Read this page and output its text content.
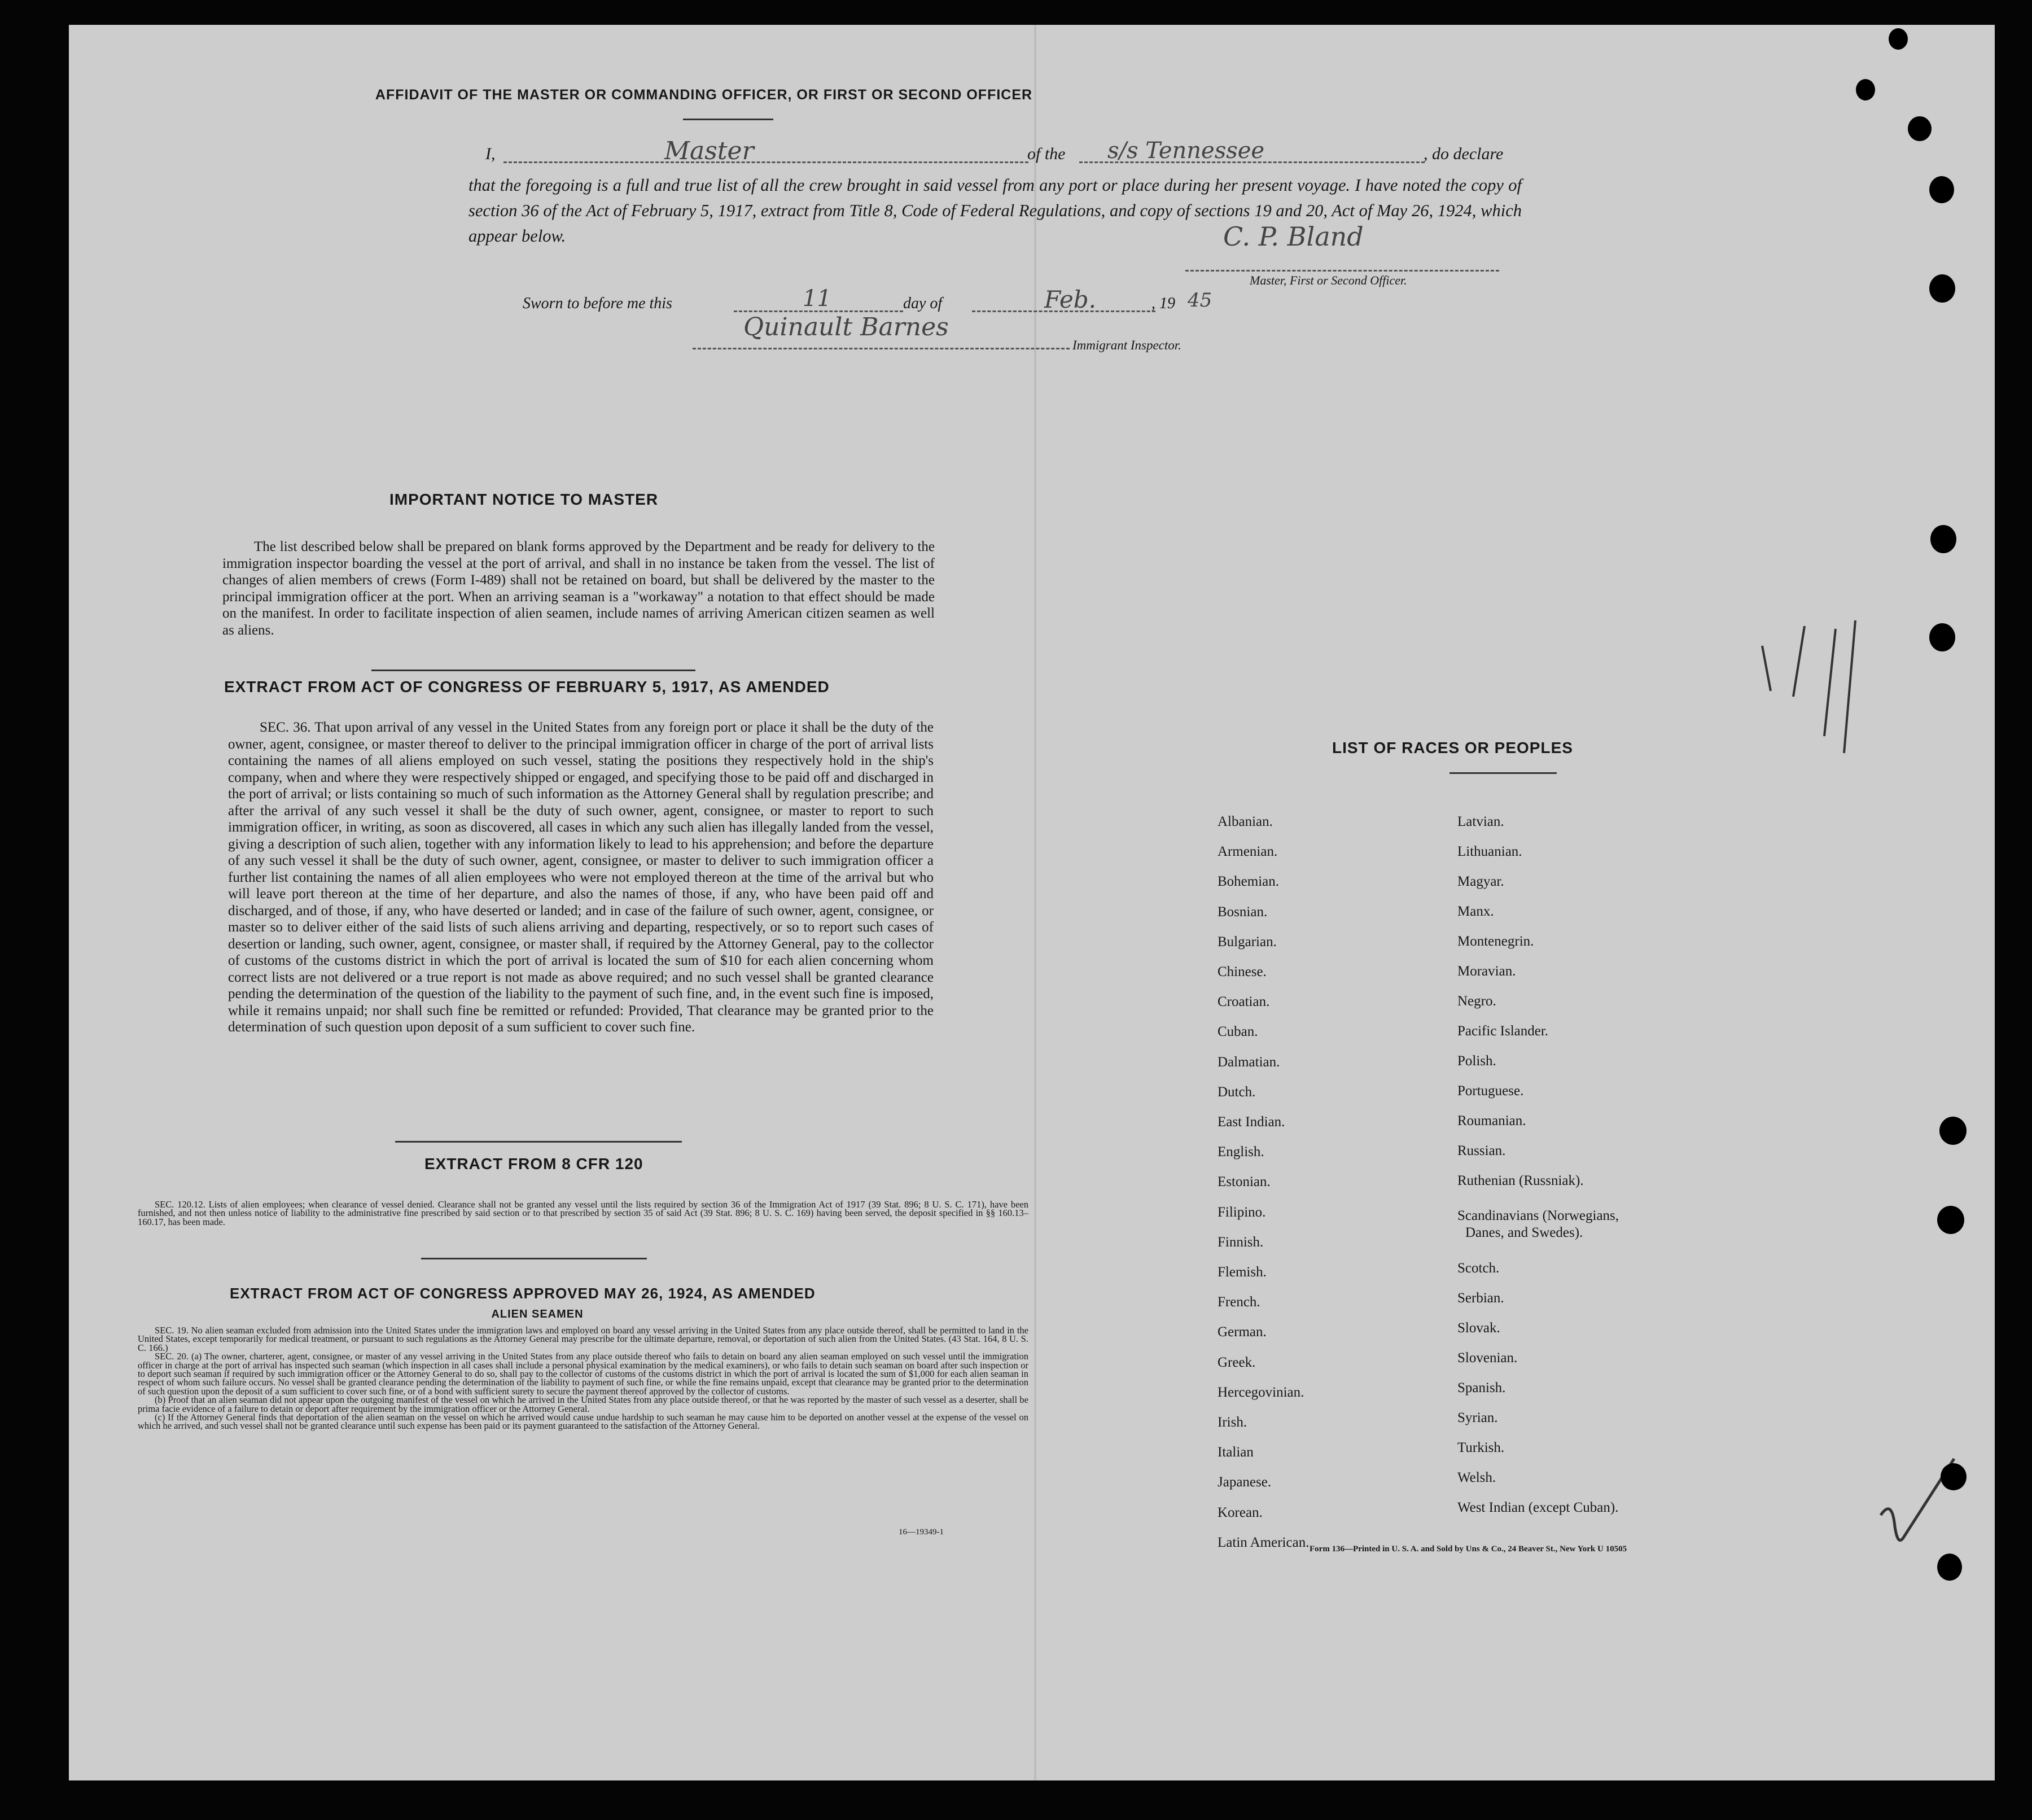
AFFIDAVIT OF THE MASTER OR COMMANDING OFFICER, OR FIRST OR SECOND OFFICER
I,	Master	of the s/s Tennessee	, do declare
that the foregoing is a full and true list of all the crew brought in said vessel from any port or place during her present voyage. I have noted the copy of section 36 of the Act of February 5, 1917, extract from Title 8, Code of Federal Regulations, and copy of sections 19 and 20, Act of May 26, 1924, which appear below.	C. P. Bland
Master, First or Second Officer.
Sworn to before me this	11	day of	Feb.	, 19 45
Quinault Barnes
Immigrant Inspector.
IMPORTANT NOTICE TO MASTER
The list described below shall be prepared on blank forms approved by the Department and be ready for delivery to the immigration inspector boarding the vessel at the port of arrival, and shall in no instance be taken from the vessel. The list of changes of alien members of crews (Form I-489) shall not be retained on board, but shall be delivered by the master to the principal immigration officer at the port. When an arriving seaman is a "workaway" a notation to that effect should be made on the manifest. In order to facilitate inspection of alien seamen, include names of arriving American citizen seamen as well as aliens.
EXTRACT FROM ACT OF CONGRESS OF FEBRUARY 5, 1917, AS AMENDED
SEC. 36. That upon arrival of any vessel in the United States from any foreign port or place it shall be the duty of the owner, agent, consignee, or master thereof to deliver to the principal immigration officer in charge of the port of arrival lists containing the names of all aliens employed on such vessel, stating the positions they respectively hold in the ship's company, when and where they were respectively shipped or engaged, and specifying those to be paid off and discharged in the port of arrival; or lists containing so much of such information as the Attorney General shall by regulation prescribe; and after the arrival of any such vessel it shall be the duty of such owner, agent, consignee, or master to report to such immigration officer, in writing, as soon as discovered, all cases in which any such alien has illegally landed from the vessel, giving a description of such alien, together with any information likely to lead to his apprehension; and before the departure of any such vessel it shall be the duty of such owner, agent, consignee, or master to deliver to such immigration officer a further list containing the names of all alien employees who were not employed thereon at the time of the arrival but who will leave port thereon at the time of her departure, and also the names of those, if any, who have been paid off and discharged, and of those, if any, who have deserted or landed; and in case of the failure of such owner, agent, consignee, or master so to deliver either of the said lists of such aliens arriving and departing, respectively, or so to report such cases of desertion or landing, such owner, agent, consignee, or master shall, if required by the Attorney General, pay to the collector of customs of the customs district in which the port of arrival is located the sum of $10 for each alien concerning whom correct lists are not delivered or a true report is not made as above required; and no such vessel shall be granted clearance pending the determination of the question of the liability to the payment of such fine, and, in the event such fine is imposed, while it remains unpaid; nor shall such fine be remitted or refunded: Provided, That clearance may be granted prior to the determination of such question upon deposit of a sum sufficient to cover such fine.
EXTRACT FROM 8 CFR 120
SEC. 120.12. Lists of alien employees; when clearance of vessel denied. Clearance shall not be granted any vessel until the lists required by section 36 of the Immigration Act of 1917 (39 Stat. 896; 8 U. S. C. 171), have been furnished, and not then unless notice of liability to the administrative fine prescribed by said section or to that prescribed by section 35 of said Act (39 Stat. 896; 8 U. S. C. 169) having been served, the deposit specified in §§ 160.13–160.17, has been made.
EXTRACT FROM ACT OF CONGRESS APPROVED MAY 26, 1924, AS AMENDED
ALIEN SEAMEN
SEC. 19. No alien seaman excluded from admission into the United States under the immigration laws and employed on board any vessel arriving in the United States from any place outside thereof, shall be permitted to land in the United States, except temporarily for medical treatment, or pursuant to such regulations as the Attorney General may prescribe for the ultimate departure, removal, or deportation of such alien from the United States. (43 Stat. 164, 8 U. S. C. 166.)
SEC. 20. (a) The owner, charterer, agent, consignee, or master of any vessel arriving in the United States from any place outside thereof who fails to detain on board any alien seaman employed on such vessel until the immigration officer in charge at the port of arrival has inspected such seaman (which inspection in all cases shall include a personal physical examination by the medical examiners), or who fails to detain such seaman on board after such inspection or to deport such seaman if required by such immigration officer or the Attorney General to do so, shall pay to the collector of customs of the customs district in which the port of arrival is located the sum of $1,000 for each alien seaman in respect of whom such failure occurs. No vessel shall be granted clearance pending the determination of the liability to payment of such fine, or while the fine remains unpaid, except that clearance may be granted prior to the determination of such question upon the deposit of a sum sufficient to cover such fine, or of a bond with sufficient surety to secure the payment thereof approved by the collector of customs.
(b) Proof that an alien seaman did not appear upon the outgoing manifest of the vessel on which he arrived in the United States from any place outside thereof, or that he was reported by the master of such vessel as a deserter, shall be prima facie evidence of a failure to detain or deport after requirement by the immigration officer or the Attorney General.
(c) If the Attorney General finds that deportation of the alien seaman on the vessel on which he arrived would cause undue hardship to such seaman he may cause him to be deported on another vessel at the expense of the vessel on which he arrived, and such vessel shall not be granted clearance until such expense has been paid or its payment guaranteed to the satisfaction of the Attorney General.
16—19349-1
LIST OF RACES OR PEOPLES
Albanian.
Armenian.
Bohemian.
Bosnian.
Bulgarian.
Chinese.
Croatian.
Cuban.
Dalmatian.
Dutch.
East Indian.
English.
Estonian.
Filipino.
Finnish.
Flemish.
French.
German.
Greek.
Hercegovinian.
Irish.
Italian
Japanese.
Korean.
Latin American.
Latvian.
Lithuanian.
Magyar.
Manx.
Montenegrin.
Moravian.
Negro.
Pacific Islander.
Polish.
Portuguese.
Roumanian.
Russian.
Ruthenian (Russniak).
Scandinavians (Norwegians,
Danes, and Swedes).
Scotch.
Serbian.
Slovak.
Slovenian.
Spanish.
Syrian.
Turkish.
Welsh.
West Indian (except Cuban).
Form 136—Printed in U. S. A. and Sold by Uns & Co., 24 Beaver St., New York U 10505
